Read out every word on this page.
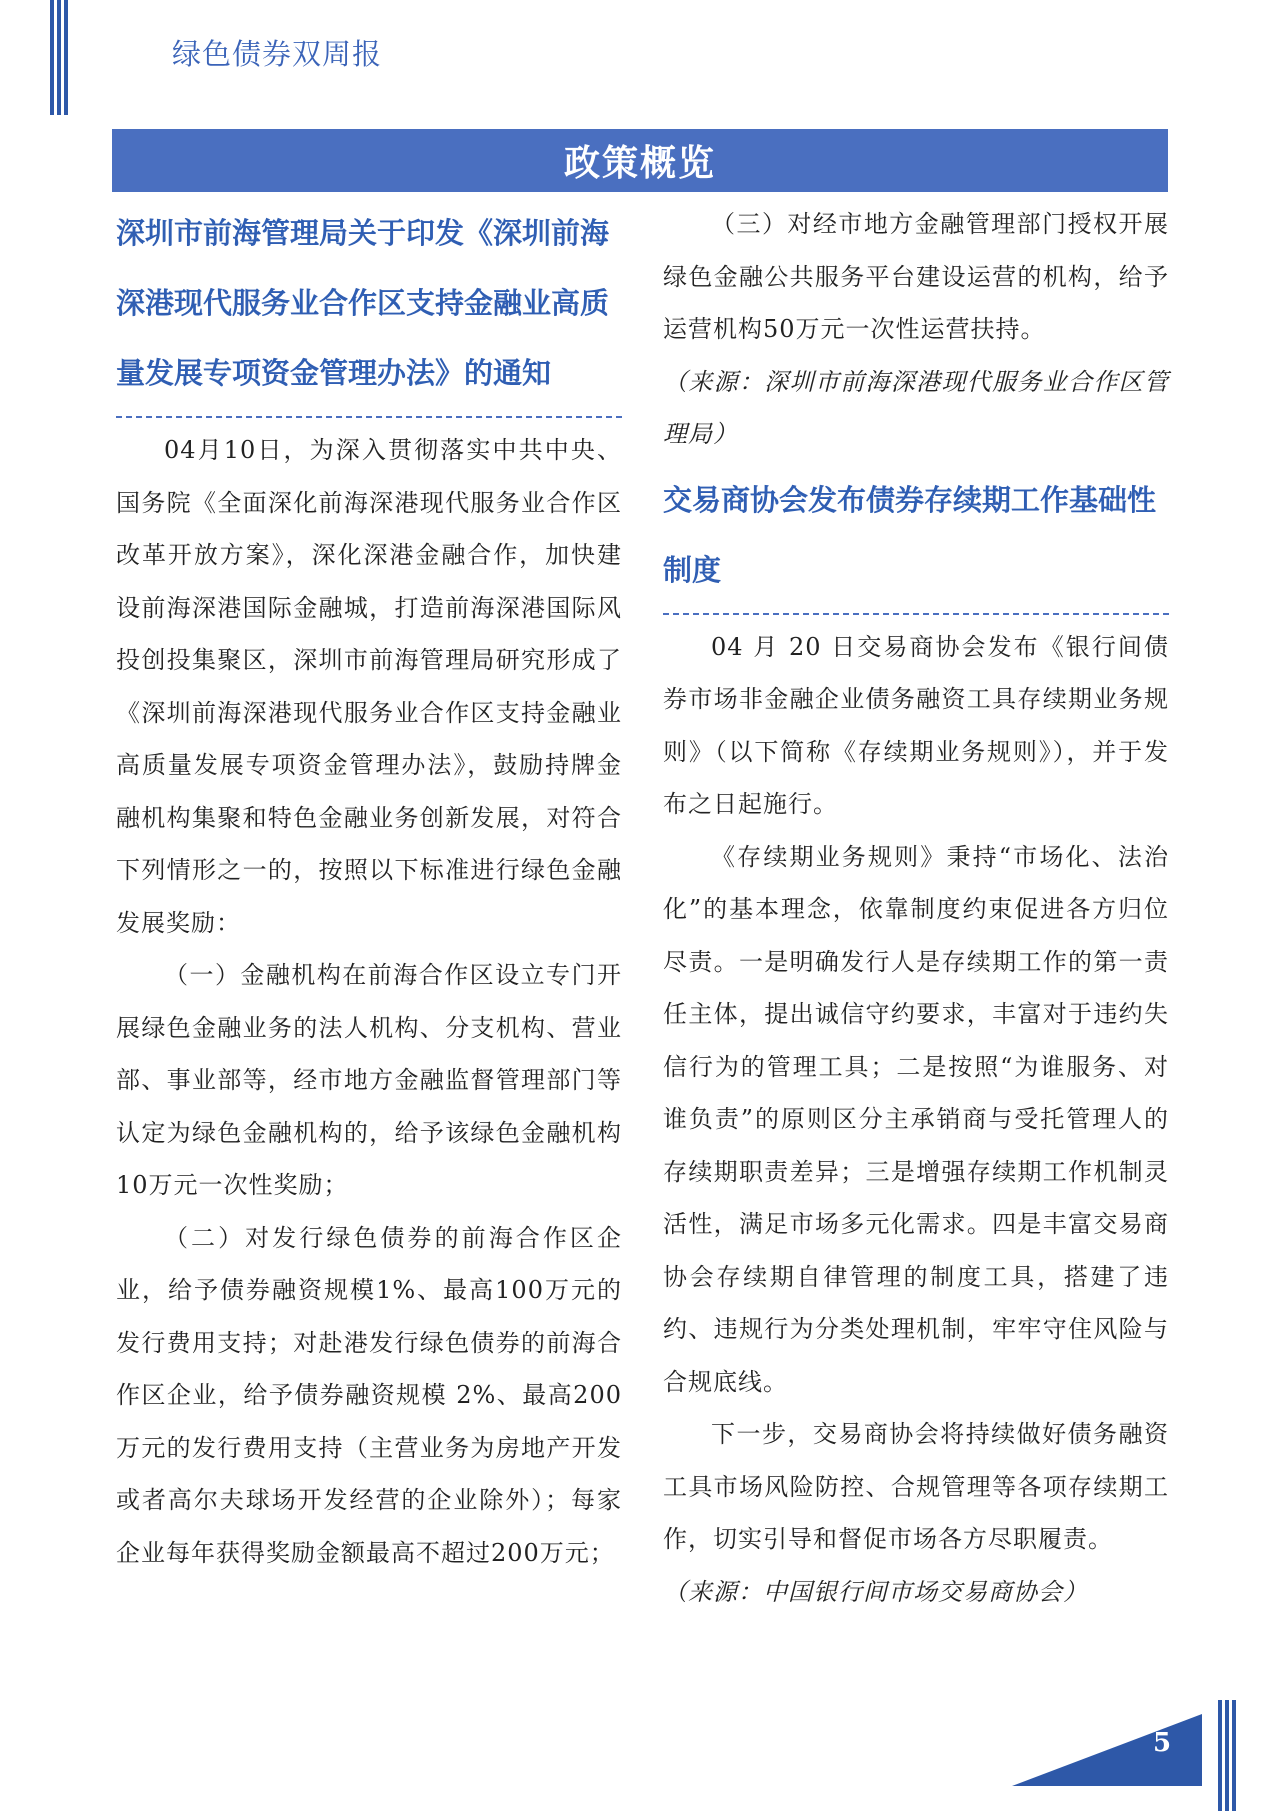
绿色债券双周报
政策概览
深圳市前海管理局关于印发《深圳前海深港现代服务业合作区支持金融业高质量发展专项资金管理办法》的通知

04月10日，为深入贯彻落实中共中央、国务院《全面深化前海深港现代服务业合作区改革开放方案》，深化深港金融合作，加快建设前海深港国际金融城，打造前海深港国际风投创投集聚区，深圳市前海管理局研究形成了《深圳前海深港现代服务业合作区支持金融业高质量发展专项资金管理办法》，鼓励持牌金融机构集聚和特色金融业务创新发展，对符合下列情形之一的，按照以下标准进行绿色金融发展奖励：

（一）金融机构在前海合作区设立专门开展绿色金融业务的法人机构、分支机构、营业部、事业部等，经市地方金融监督管理部门等认定为绿色金融机构的，给予该绿色金融机构10万元一次性奖励；

（二）对发行绿色债券的前海合作区企业，给予债券融资规模1%、最高100万元的发行费用支持；对赴港发行绿色债券的前海合作区企业，给予债券融资规模 2%、最高200 万元的发行费用支持（主营业务为房地产开发或者高尔夫球场开发经营的企业除外）；每家企业每年获得奖励金额最高不超过200万元；

（三）对经市地方金融管理部门授权开展绿色金融公共服务平台建设运营的机构，给予运营机构50万元一次性运营扶持。

（来源：深圳市前海深港现代服务业合作区管理局）

交易商协会发布债券存续期工作基础性制度

04 月 20 日交易商协会发布《银行间债券市场非金融企业债务融资工具存续期业务规则》（以下简称《存续期业务规则》），并于发布之日起施行。

《存续期业务规则》秉持“市场化、法治化”的基本理念，依靠制度约束促进各方归位尽责。一是明确发行人是存续期工作的第一责任主体，提出诚信守约要求，丰富对于违约失信行为的管理工具；二是按照“为谁服务、对谁负责”的原则区分主承销商与受托管理人的存续期职责差异；三是增强存续期工作机制灵活性，满足市场多元化需求。四是丰富交易商协会存续期自律管理的制度工具，搭建了违约、违规行为分类处理机制，牢牢守住风险与合规底线。

下一步，交易商协会将持续做好债务融资工具市场风险防控、合规管理等各项存续期工作，切实引导和督促市场各方尽职履责。

（来源：中国银行间市场交易商协会）

5
